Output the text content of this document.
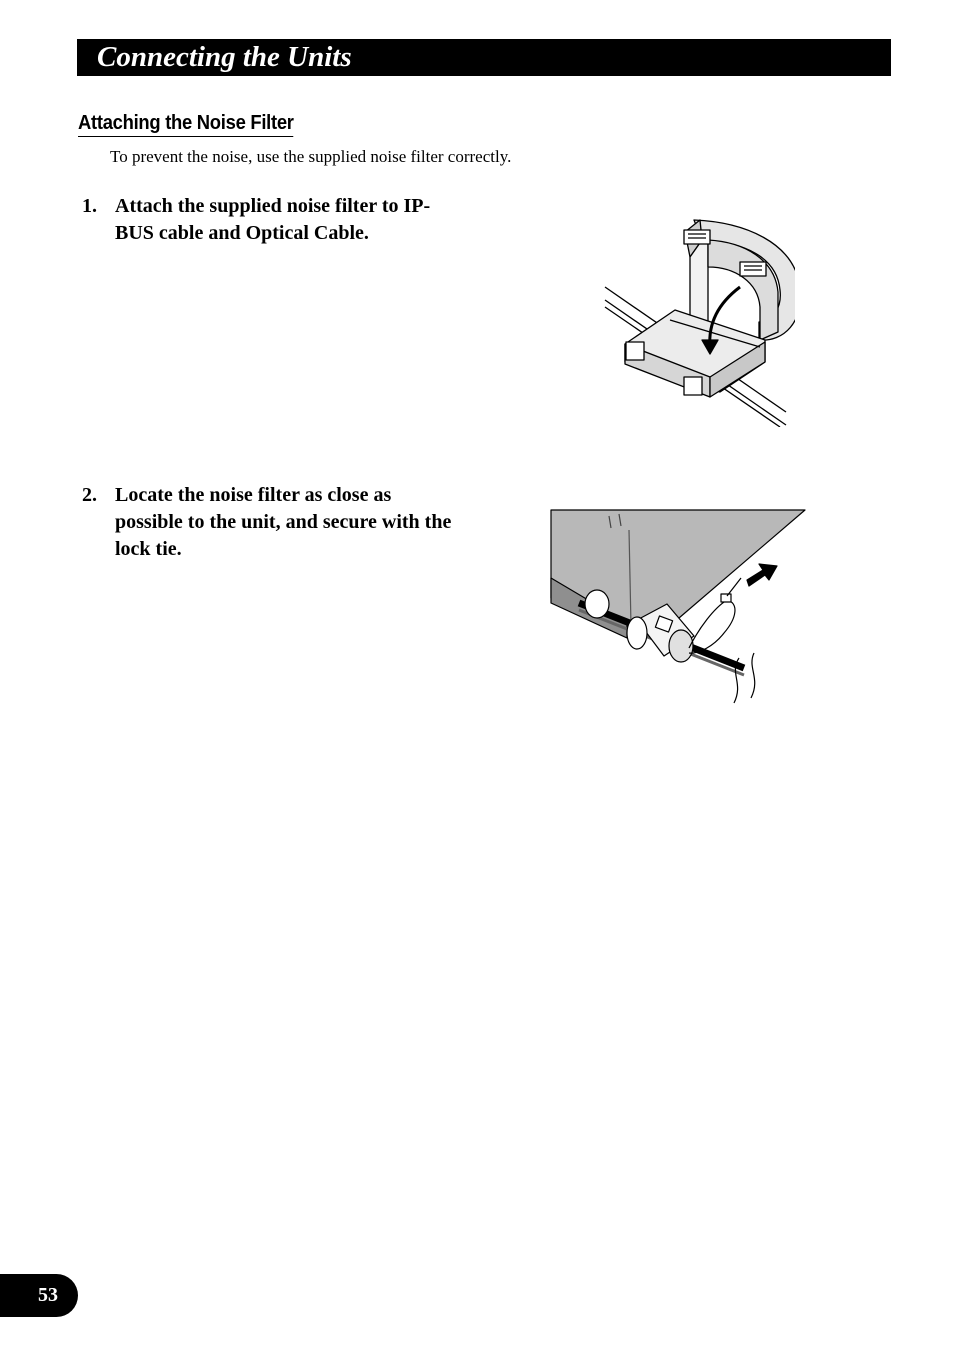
Connecting the Units
Attaching the Noise Filter
To prevent the noise, use the supplied noise filter correctly.
1. Attach the supplied noise filter to IP-BUS cable and Optical Cable.
2. Locate the noise filter as close as possible to the unit, and secure with the lock tie.
53
